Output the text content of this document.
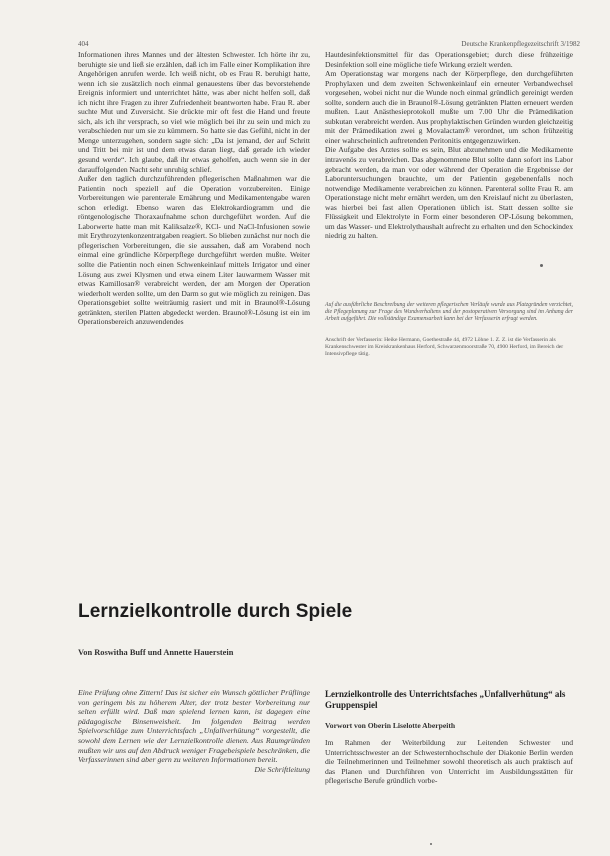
404	Deutsche Krankenpflegezeitschrift 3/1982

Informationen ihres Mannes und der ältesten Schwester. Ich hörte ihr zu, beruhigte sie und ließ sie erzählen, daß ich im Falle einer Komplikation ihre Angehörigen anrufen werde. Ich weiß nicht, ob es Frau R. beruhigt hatte, wenn ich sie zusätzlich noch einmal genauestens über das bevorstehende Ereignis informiert und unterrichtet hätte, was aber nicht helfen soll, daß ich nicht ihre Fragen zu ihrer Zufriedenheit beantworten habe. Frau R. aber suchte Mut und Zuversicht. Sie drückte mir oft fest die Hand und freute sich, als ich ihr versprach, so viel wie möglich bei ihr zu sein und mich zu verabschieden nur um sie zu kümmern. So hatte sie das Gefühl, nicht in der Menge unterzugehen, sondern sagte sich: „Da ist jemand, der auf Schritt und Tritt bei mir ist und dem etwas daran liegt, daß gerade ich wieder gesund werde“. Ich glaube, daß ihr etwas geholfen, auch wenn sie in der darauffolgenden Nacht sehr unruhig schlief.

Außer den taglich durchzuführenden pflegerischen Maßnahmen war die Patientin noch speziell auf die Operation vorzubereiten. Einige Vorbereitungen wie parenterale Ernährung und Medikamentengabe waren schon erledigt. Ebenso waren das Elektrokardiogramm und die röntgenologische Thoraxaufnahme schon durchgeführt worden. Auf die Laborwerte hatte man mit Kaliksalze®, KCl- und NaCl-Infusionen sowie mit Erythrozytenkonzentratgaben reagiert. So blieben zunächst nur noch die pflegerischen Vorbereitungen, die sie aussahen, daß am Vorabend noch einmal eine gründliche Körperpflege durchgeführt werden mußte. Weiter sollte die Patientin noch einen Schwenkeinlauf mittels Irrigator und einer Lösung aus zwei Klysmen und etwa einem Liter lauwarmem Wasser mit etwas Kamillosan® verabreicht werden, der am Morgen der Operation wiederholt werden sollte, um den Darm so gut wie möglich zu reinigen. Das Operationsgebiet sollte weiträumig rasiert und mit in Braunol®-Lösung getränkten, sterilen Platten abgedeckt werden. Braunol®-Lösung ist ein im Operationsbereich anzuwendendes

Hautdesinfektionsmittel für das Operationsgebiet; durch diese frühzeitige Desinfektion soll eine mögliche tiefe Wirkung erzielt werden.

Am Operationstag war morgens nach der Körperpflege, den durchgeführten Prophylaxen und dem zweiten Schwenkeinlauf ein erneuter Verbandwechsel vorgesehen, wobei nicht nur die Wunde noch einmal gründlich gereinigt werden sollte, sondern auch die in Braunol®-Lösung getränkten Platten erneuert werden mußten. Laut Anästhesieprotokoll mußte um 7.00 Uhr die Prämedikation subkutan verabreicht werden. Aus prophylaktischen Gründen wurden gleichzeitig mit der Prämedikation zwei g Movalactam® verordnet, um schon frühzeitig einer wahrscheinlich auftretenden Peritonitis entgegenzuwirken.

Die Aufgabe des Arztes sollte es sein, Blut abzunehmen und die Medikamente intravenös zu verabreichen. Das abgenommene Blut sollte dann sofort ins Labor gebracht werden, da man vor oder während der Operation die Ergebnisse der Laboruntersuchungen brauchte, um der Patientin gegebenenfalls noch notwendige Medikamente verabreichen zu können. Parenteral sollte Frau R. am Operationstage nicht mehr ernährt werden, um den Kreislauf nicht zu überlasten, was hierbei bei fast allen Operationen üblich ist. Statt dessen sollte sie Flüssigkeit und Elektrolyte in Form einer besonderen OP-Lösung bekommen, um das Wasser- und Elektrolythaushalt aufrecht zu erhalten und den Schockindex niedrig zu halten.

Auf die ausführliche Beschreibung der weiteren pflegerischen Verläufe wurde aus Platzgründen verzichtet, die Pflegeplanung zur Frage des Wundverhaltens und der postoperativen Versorgung sind im Anhang der Arbeit aufgeführt. Die vollständige Examensarbeit kann bei der Verfasserin erfragt werden.
Anschrift der Verfasserin: Heike Hermann, Goethestraße 44, 4972 Löhne 1. Z. Z. ist die Verfasserin als Krankenschwester im Kreiskrankenhaus Herford, Schwarzenmoorstraße 70, 4900 Herford, im Bereich der Intensivpflege tätig.
Lernzielkontrolle durch Spiele
Von Roswitha Buff und Annette Hauerstein
Eine Prüfung ohne Zittern! Das ist sicher ein Wunsch göttlicher Prüflinge von geringem bis zu höherem Alter, der trotz bester Vorbereitung nur selten erfüllt wird. Daß man spielend lernen kann, ist dagegen eine pädagogische Binsenweisheit. Im folgenden Beitrag werden Spielvorschläge zum Unterrichtsfach „Unfallverhütung“ vorgestellt, die sowohl dem Lernen wie der Lernzielkontrolle dienen. Aus Raumgründen mußten wir uns auf den Abdruck weniger Fragebeispiele beschränken, die Verfasserinnen sind aber gern zu weiteren Informationen bereit.
Die Schriftleitung
Lernzielkontrolle des Unterrichtsfaches „Unfallverhütung“ als Gruppenspiel
Vorwort von Oberin Liselotte Aberpeith
Im Rahmen der Weiterbildung zur Leitenden Schwester und Unterrichtsschwester an der Schwesternhochschule der Diakonie Berlin werden die Teilnehmerinnen und Teilnehmer sowohl theoretisch als auch praktisch auf das Planen und Durchführen von Unterricht im Ausbildungsstätten für pflegerische Berufe gründlich vorbe-
